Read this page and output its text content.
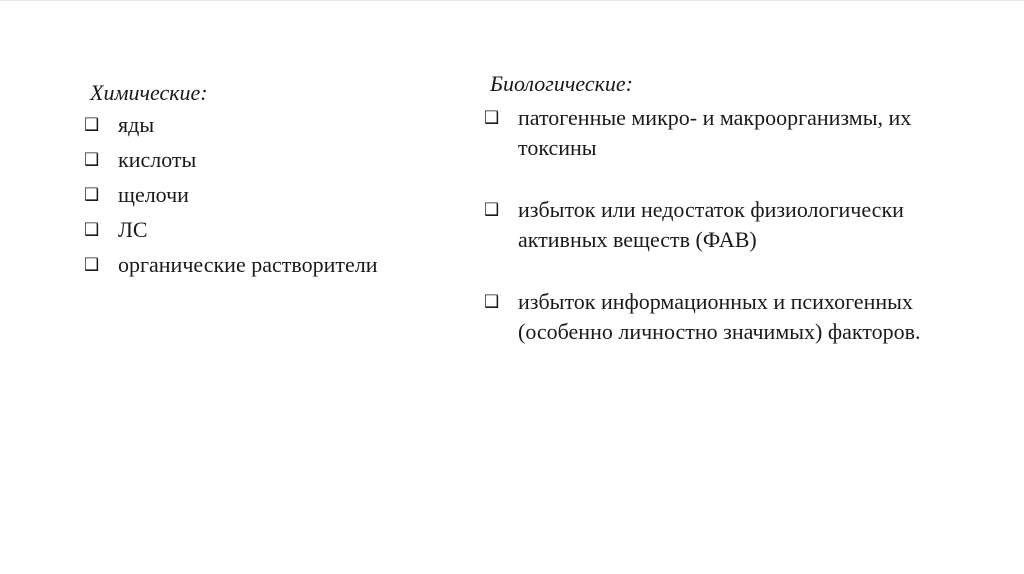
Химические:
❑ яды
❑ кислоты
❑ щелочи
❑ ЛС
❑ органические растворители
Биологические:
❑ патогенные микро- и макроорганизмы, их токсины
❑ избыток или недостаток физиологически активных веществ (ФАВ)
❑ избыток информационных и психогенных (особенно личностно значимых) факторов.
